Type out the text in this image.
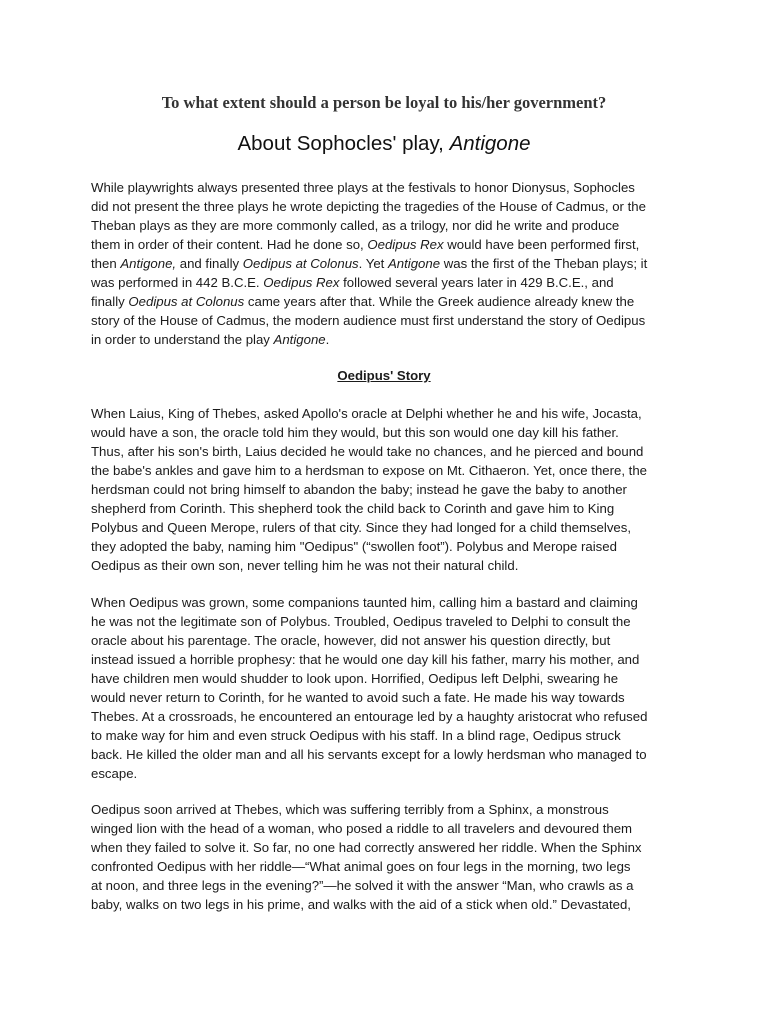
To what extent should a person be loyal to his/her government?
About Sophocles' play, Antigone
While playwrights always presented three plays at the festivals to honor Dionysus, Sophocles
did not present the three plays he wrote depicting the tragedies of the House of Cadmus, or the
Theban plays as they are more commonly called, as a trilogy, nor did he write and produce
them in order of their content. Had he done so, Oedipus Rex would have been performed first,
then Antigone, and finally Oedipus at Colonus. Yet Antigone was the first of the Theban plays; it
was performed in 442 B.C.E. Oedipus Rex followed several years later in 429 B.C.E., and
finally Oedipus at Colonus came years after that. While the Greek audience already knew the
story of the House of Cadmus, the modern audience must first understand the story of Oedipus
in order to understand the play Antigone.
Oedipus' Story
When Laius, King of Thebes, asked Apollo's oracle at Delphi whether he and his wife, Jocasta,
would have a son, the oracle told him they would, but this son would one day kill his father.
Thus, after his son's birth, Laius decided he would take no chances, and he pierced and bound
the babe's ankles and gave him to a herdsman to expose on Mt. Cithaeron. Yet, once there, the
herdsman could not bring himself to abandon the baby; instead he gave the baby to another
shepherd from Corinth. This shepherd took the child back to Corinth and gave him to King
Polybus and Queen Merope, rulers of that city. Since they had longed for a child themselves,
they adopted the baby, naming him "Oedipus" (“swollen foot”). Polybus and Merope raised
Oedipus as their own son, never telling him he was not their natural child.
When Oedipus was grown, some companions taunted him, calling him a bastard and claiming
he was not the legitimate son of Polybus. Troubled, Oedipus traveled to Delphi to consult the
oracle about his parentage. The oracle, however, did not answer his question directly, but
instead issued a horrible prophesy: that he would one day kill his father, marry his mother, and
have children men would shudder to look upon. Horrified, Oedipus left Delphi, swearing he
would never return to Corinth, for he wanted to avoid such a fate. He made his way towards
Thebes. At a crossroads, he encountered an entourage led by a haughty aristocrat who refused
to make way for him and even struck Oedipus with his staff. In a blind rage, Oedipus struck
back. He killed the older man and all his servants except for a lowly herdsman who managed to
escape.
Oedipus soon arrived at Thebes, which was suffering terribly from a Sphinx, a monstrous
winged lion with the head of a woman, who posed a riddle to all travelers and devoured them
when they failed to solve it. So far, no one had correctly answered her riddle. When the Sphinx
confronted Oedipus with her riddle—“What animal goes on four legs in the morning, two legs
at noon, and three legs in the evening?”—he solved it with the answer “Man, who crawls as a
baby, walks on two legs in his prime, and walks with the aid of a stick when old.” Devastated,
